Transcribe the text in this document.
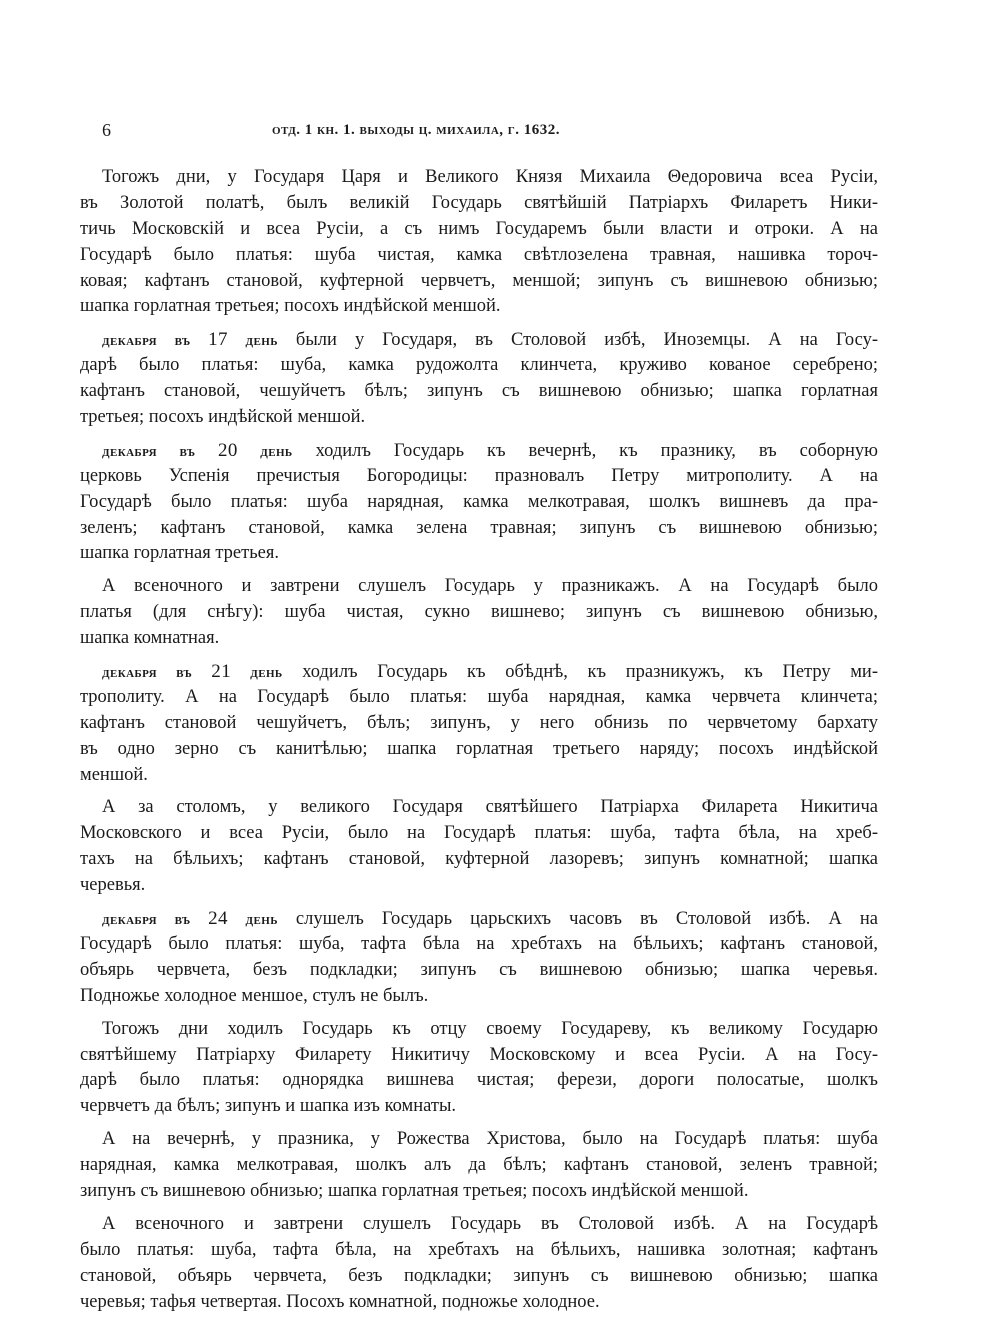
6	отд. 1 кн. 1. выходы ц. михаила, г. 1632.
Тогожъ дни, у Государя Царя и Великого Князя Михаила Θедоровича всеа Русіи,
въ Золотой полатѣ, былъ великій Государь святѣйшій Патріархъ Филаретъ Ники-
тичь Московскій и всеа Русіи, а съ нимъ Государемъ были власти и отроки. А на
Государѣ было платья: шуба чистая, камка свѣтлозелена травная, нашивка тороч-
ковая; кафтанъ становой, куфтерной червчетъ, меншой; зипунъ съ вишневою обнизью;
шапка горлатная третьея; посохъ индѣйской меншой.
декабря въ 17 день были у Государя, въ Столовой избѣ, Иноземцы. А на Госу-
дарѣ было платья: шуба, камка рудожолта клинчета, круживо кованое серебрено;
кафтанъ становой, чешуйчетъ бѣлъ; зипунъ съ вишневою обнизью; шапка горлатная
третьея; посохъ индѣйской меншой.
декабря въ 20 день ходилъ Государь къ вечернѣ, къ празнику, въ соборную
церковь Успенія пречистыя Богородицы: празновалъ Петру митрополиту. А на
Государѣ было платья: шуба нарядная, камка мелкотравая, шолкъ вишневъ да пра-
зеленъ; кафтанъ становой, камка зелена травная; зипунъ съ вишневою обнизью;
шапка горлатная третьея.
А всеночного и завтрени слушелъ Государь у празникажъ. А на Государѣ было
платья (для снѣгу): шуба чистая, сукно вишнево; зипунъ съ вишневою обнизью,
шапка комнатная.
декабря въ 21 день ходилъ Государь къ обѣднѣ, къ празникужъ, къ Петру ми-
трополиту. А на Государѣ было платья: шуба нарядная, камка червчета клинчета;
кафтанъ становой чешуйчетъ, бѣлъ; зипунъ, у него обнизь по червчетому бархату
въ одно зерно съ канитѣлью; шапка горлатная третьего наряду; посохъ индѣйской
меншой.
А за столомъ, у великого Государя святѣйшего Патріарха Филарета Никитича
Московского и всеа Русіи, было на Государѣ платья: шуба, тафта бѣла, на хреб-
тахъ на бѣльихъ; кафтанъ становой, куфтерной лазоревъ; зипунъ комнатной; шапка
черевья.
декабря въ 24 день слушелъ Государь царьскихъ часовъ въ Столовой избѣ. А на
Государѣ было платья: шуба, тафта бѣла на хребтахъ на бѣльихъ; кафтанъ становой,
объярь червчета, безъ подкладки; зипунъ съ вишневою обнизью; шапка черевья.
Подножье холодное меншое, стулъ не былъ.
Тогожъ дни ходилъ Государь къ отцу своему Государеву, къ великому Государю
святѣйшему Патріарху Филарету Никитичу Московскому и всеа Русіи. А на Госу-
дарѣ было платья: однорядка вишнева чистая; ферези, дороги полосатые, шолкъ
червчетъ да бѣлъ; зипунъ и шапка изъ комнаты.
А на вечернѣ, у празника, у Рожества Христова, было на Государѣ платья: шуба
нарядная, камка мелкотравая, шолкъ алъ да бѣлъ; кафтанъ становой, зеленъ травной;
зипунъ съ вишневою обнизью; шапка горлатная третьея; посохъ индѣйской меншой.
А всеночного и завтрени слушелъ Государь въ Столовой избѣ. А на Государѣ
было платья: шуба, тафта бѣла, на хребтахъ на бѣльихъ, нашивка золотная; кафтанъ
становой, объярь червчета, безъ подкладки; зипунъ съ вишневою обнизью; шапка
черевья; тафья четвертая. Посохъ комнатной, подножье холодное.
